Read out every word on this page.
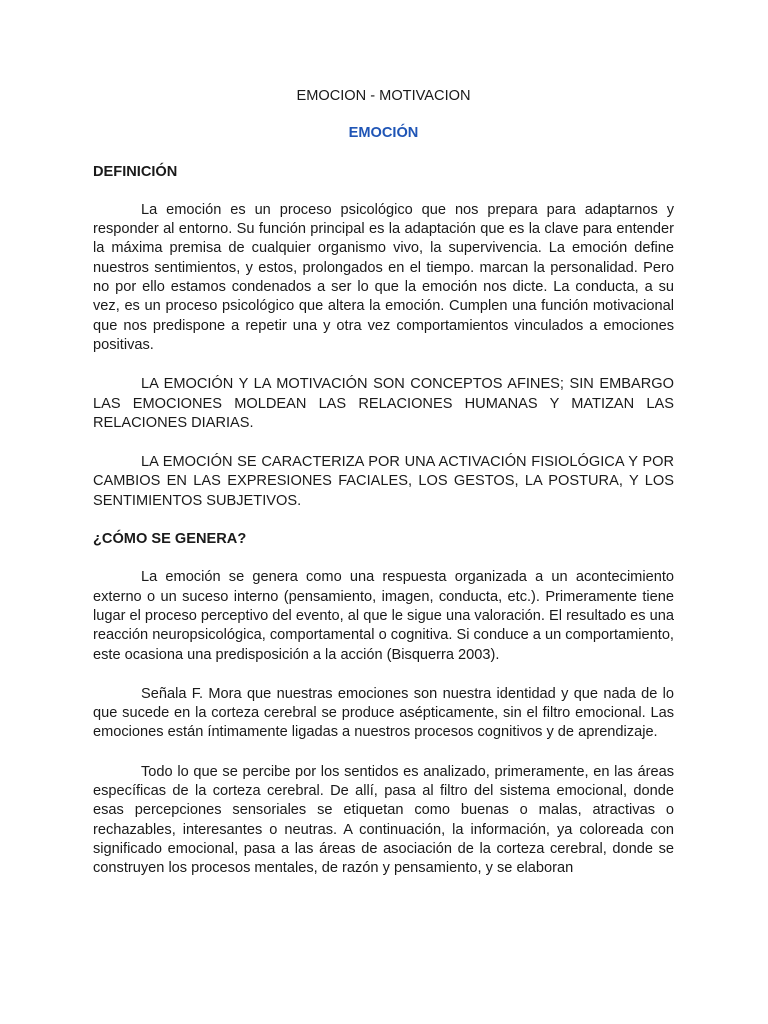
EMOCION - MOTIVACION
EMOCIÓN
DEFINICIÓN

La emoción es un proceso psicológico que nos prepara para adaptarnos y responder al entorno. Su función principal es la adaptación que es la clave para entender la máxima premisa de cualquier organismo vivo, la supervivencia. La emoción define nuestros sentimientos, y estos, prolongados en el tiempo. marcan la personalidad. Pero no por ello estamos condenados a ser lo que la emoción nos dicte. La conducta, a su vez, es un proceso psicológico que altera la emoción. Cumplen una función motivacional que nos predispone a repetir una y otra vez comportamientos vinculados a emociones positivas.

LA EMOCIÓN Y LA MOTIVACIÓN SON CONCEPTOS AFINES; SIN EMBARGO LAS EMOCIONES MOLDEAN LAS RELACIONES HUMANAS Y MATIZAN LAS RELACIONES DIARIAS.

LA EMOCIÓN SE CARACTERIZA POR UNA ACTIVACIÓN FISIOLÓGICA Y POR CAMBIOS EN LAS EXPRESIONES FACIALES, LOS GESTOS, LA POSTURA, Y LOS SENTIMIENTOS SUBJETIVOS.

¿CÓMO SE GENERA?

La emoción se genera como una respuesta organizada a un acontecimiento externo o un suceso interno (pensamiento, imagen, conducta, etc.). Primeramente tiene lugar el proceso perceptivo del evento, al que le sigue una valoración. El resultado es una reacción neuropsicológica, comportamental o cognitiva. Si conduce a un comportamiento, este ocasiona una predisposición a la acción (Bisquerra 2003).

Señala F. Mora que nuestras emociones son nuestra identidad y que nada de lo que sucede en la corteza cerebral se produce asépticamente, sin el filtro emocional. Las emociones están íntimamente ligadas a nuestros procesos cognitivos y de aprendizaje.

Todo lo que se percibe por los sentidos es analizado, primeramente, en las áreas específicas de la corteza cerebral. De allí, pasa al filtro del sistema emocional, donde esas percepciones sensoriales se etiquetan como buenas o malas, atractivas o rechazables, interesantes o neutras. A continuación, la información, ya coloreada con significado emocional, pasa a las áreas de asociación de la corteza cerebral, donde se construyen los procesos mentales, de razón y pensamiento, y se elaboran
